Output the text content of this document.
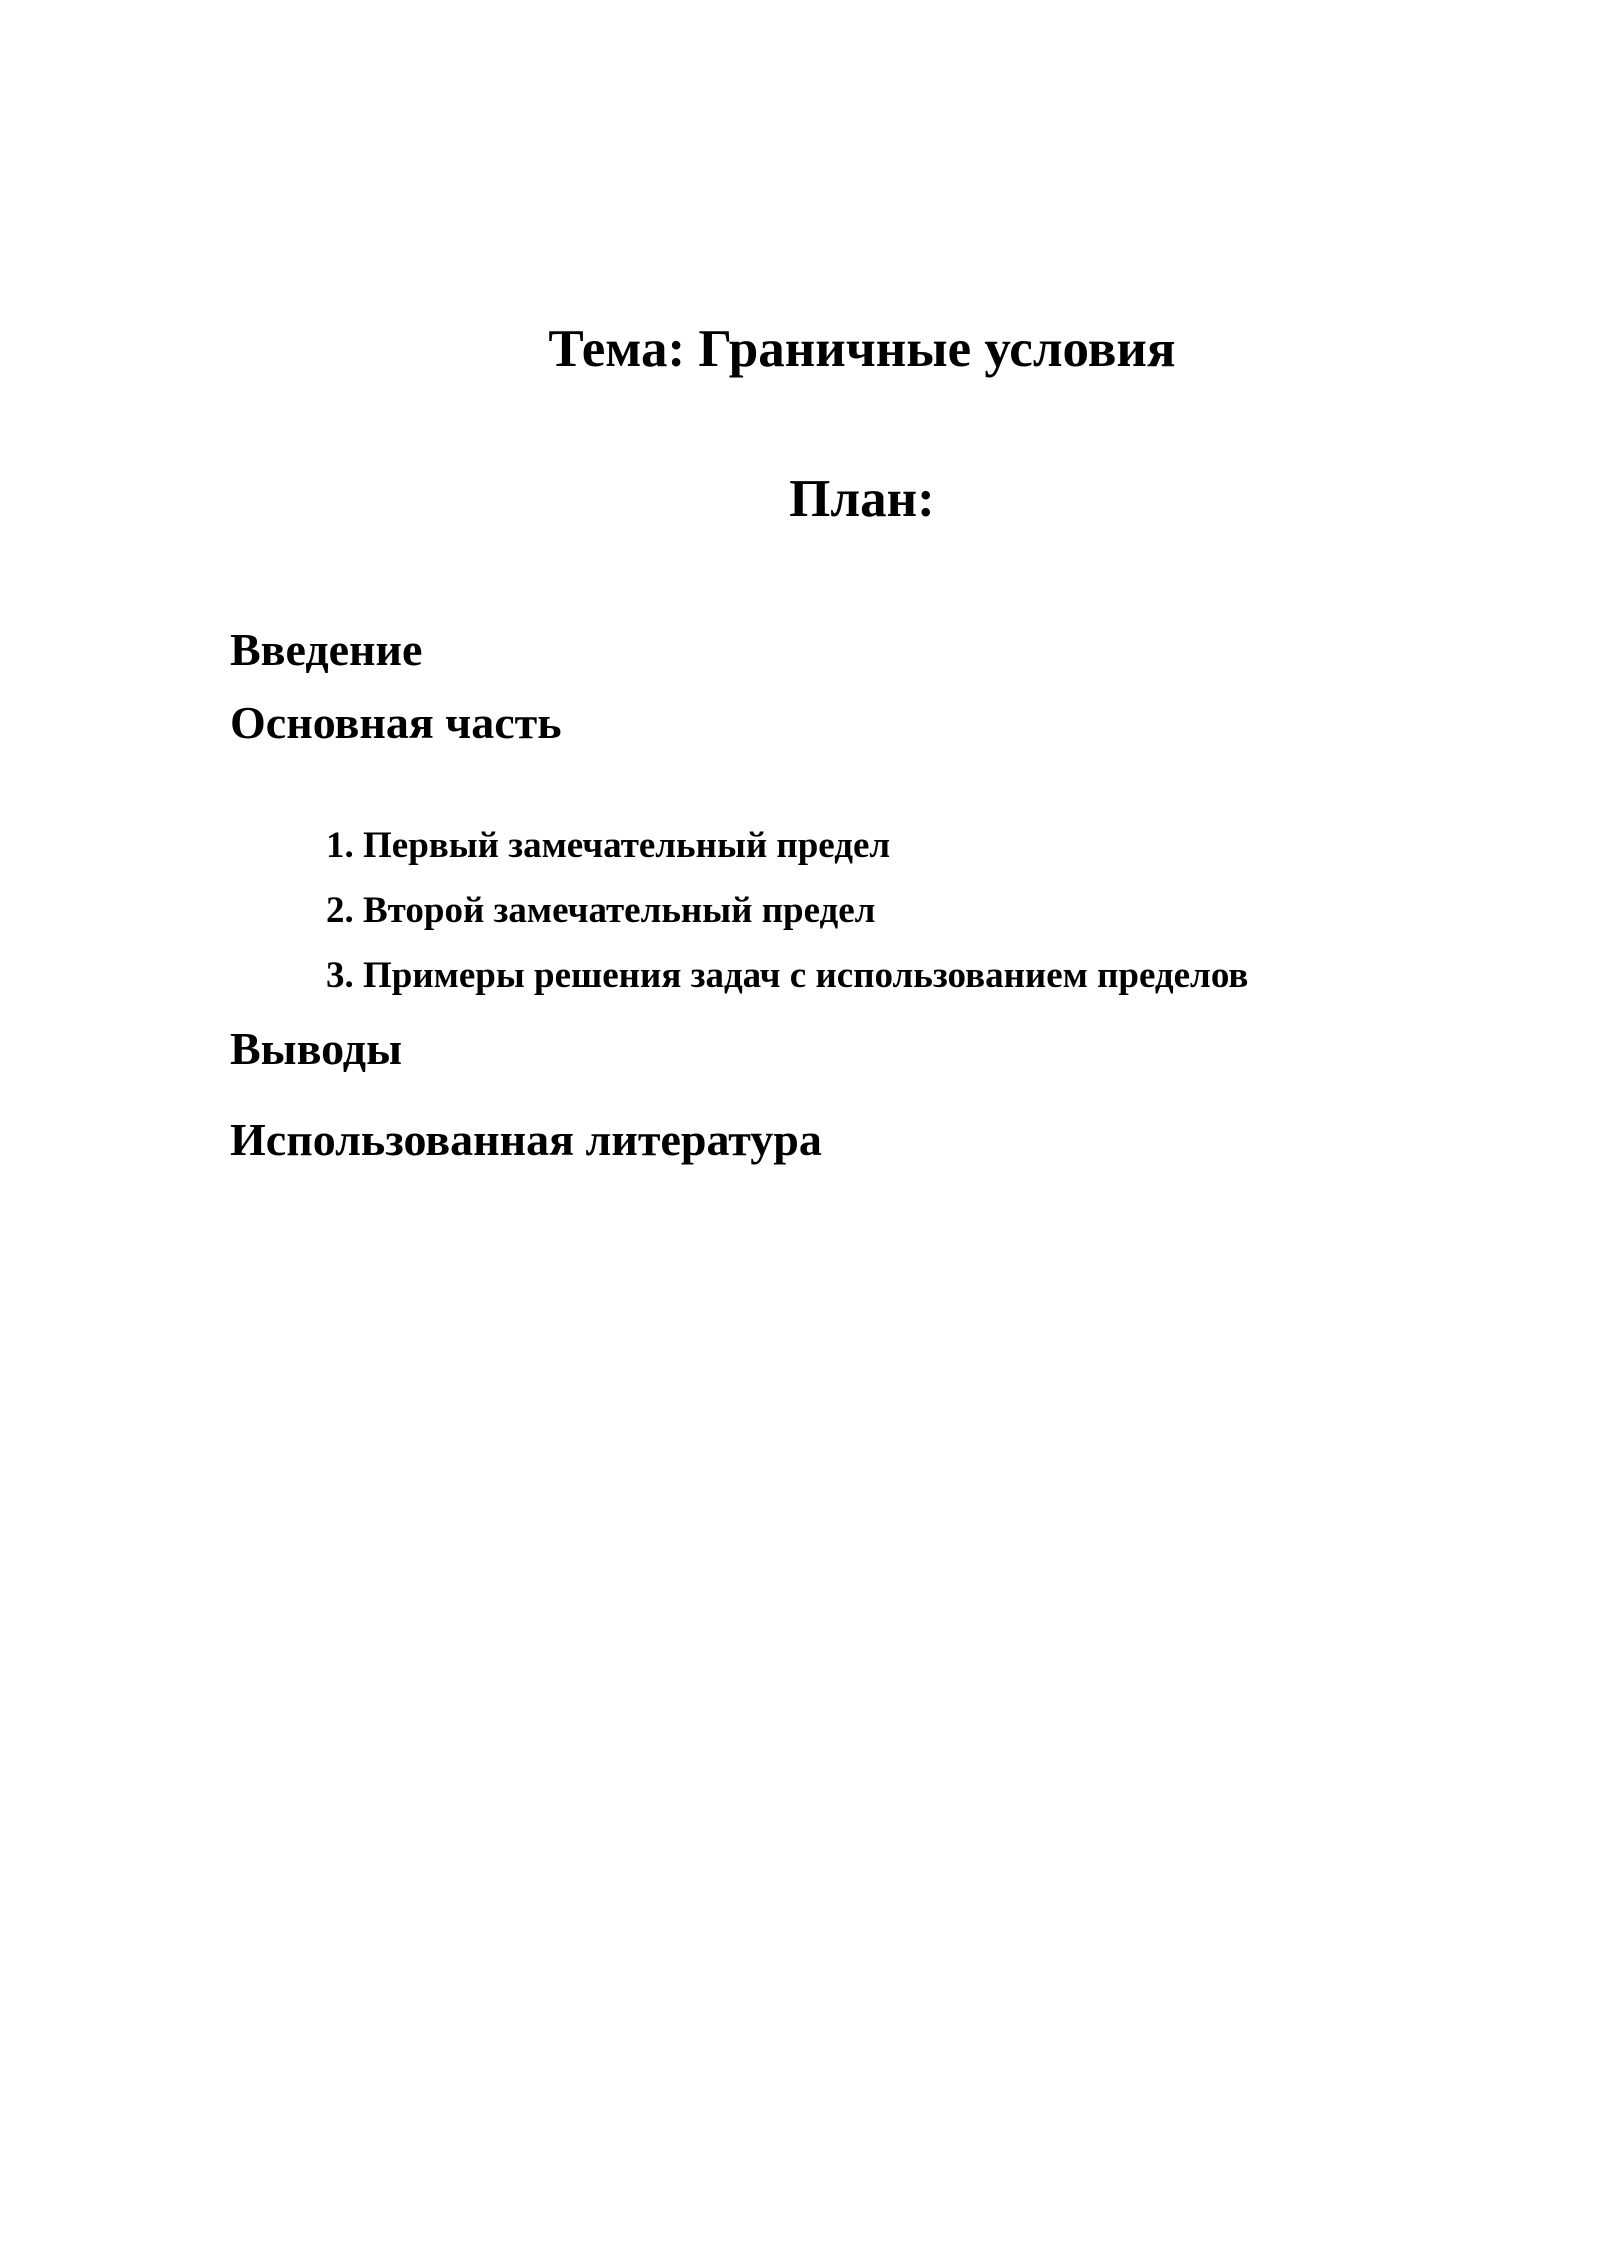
Тема: Граничные условия
План:
Введение
Основная часть
1. Первый замечательный предел
2. Второй замечательный предел
3. Примеры решения задач с использованием пределов
Выводы
Использованная литература
